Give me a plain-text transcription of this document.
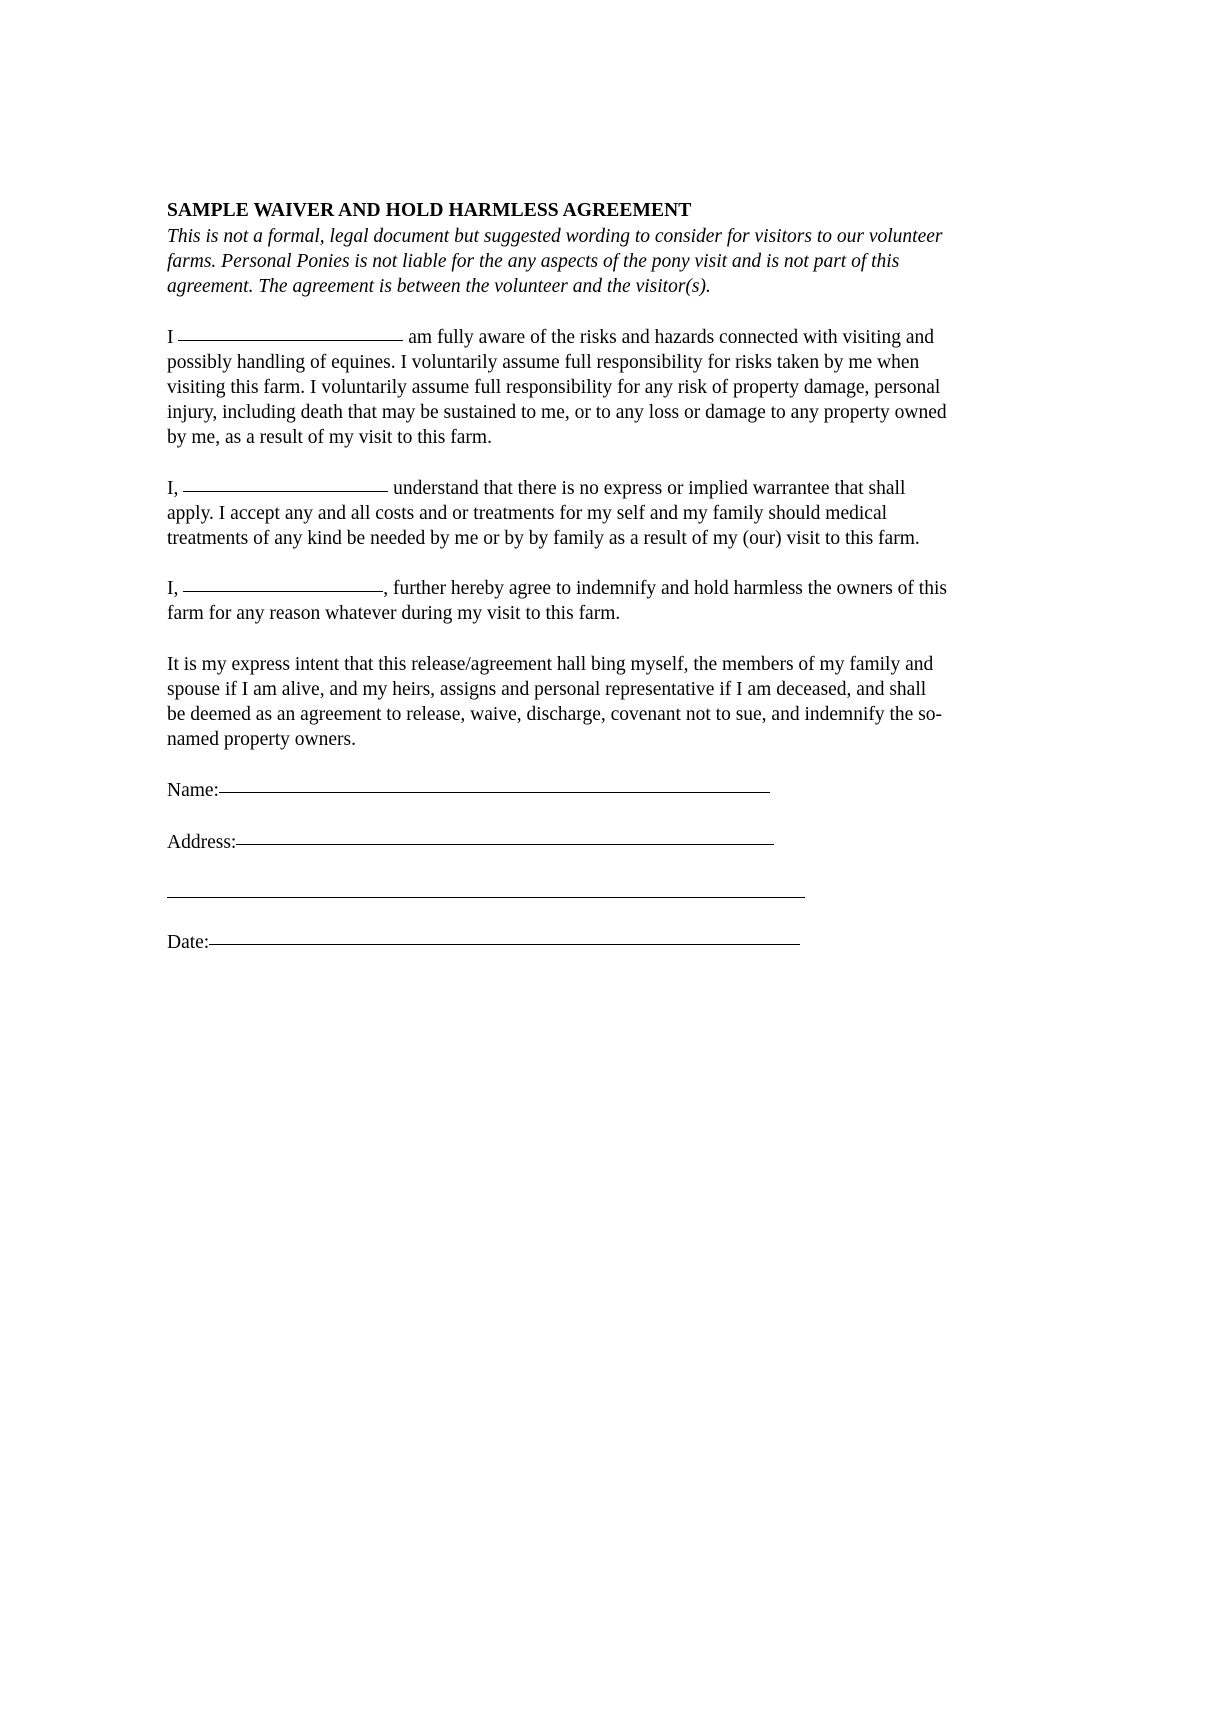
SAMPLE WAIVER AND HOLD HARMLESS AGREEMENT

This is not a formal, legal document but suggested wording to consider for visitors to our volunteer farms. Personal Ponies is not liable for the any aspects of the pony visit and is not part of this agreement. The agreement is between the volunteer and the visitor(s).

I	am fully aware of the risks and hazards connected with visiting and possibly handling of equines. I voluntarily assume full responsibility for risks taken by me when visiting this farm. I voluntarily assume full responsibility for any risk of property damage, personal injury, including death that may be sustained to me, or to any loss or damage to any property owned by me, as a result of my visit to this farm.

I,	understand that there is no express or implied warrantee that shall apply. I accept any and all costs and or treatments for my self and my family should medical treatments of any kind be needed by me or by by family as a result of my (our) visit to this farm.

I,	, further hereby agree to indemnify and hold harmless the owners of this farm for any reason whatever during my visit to this farm.

It is my express intent that this release/agreement hall bing myself, the members of my family and spouse if I am alive, and my heirs, assigns and personal representative if I am deceased, and shall be deemed as an agreement to release, waive, discharge, covenant not to sue, and indemnify the so-named property owners.

Name:

Address:

Date:
